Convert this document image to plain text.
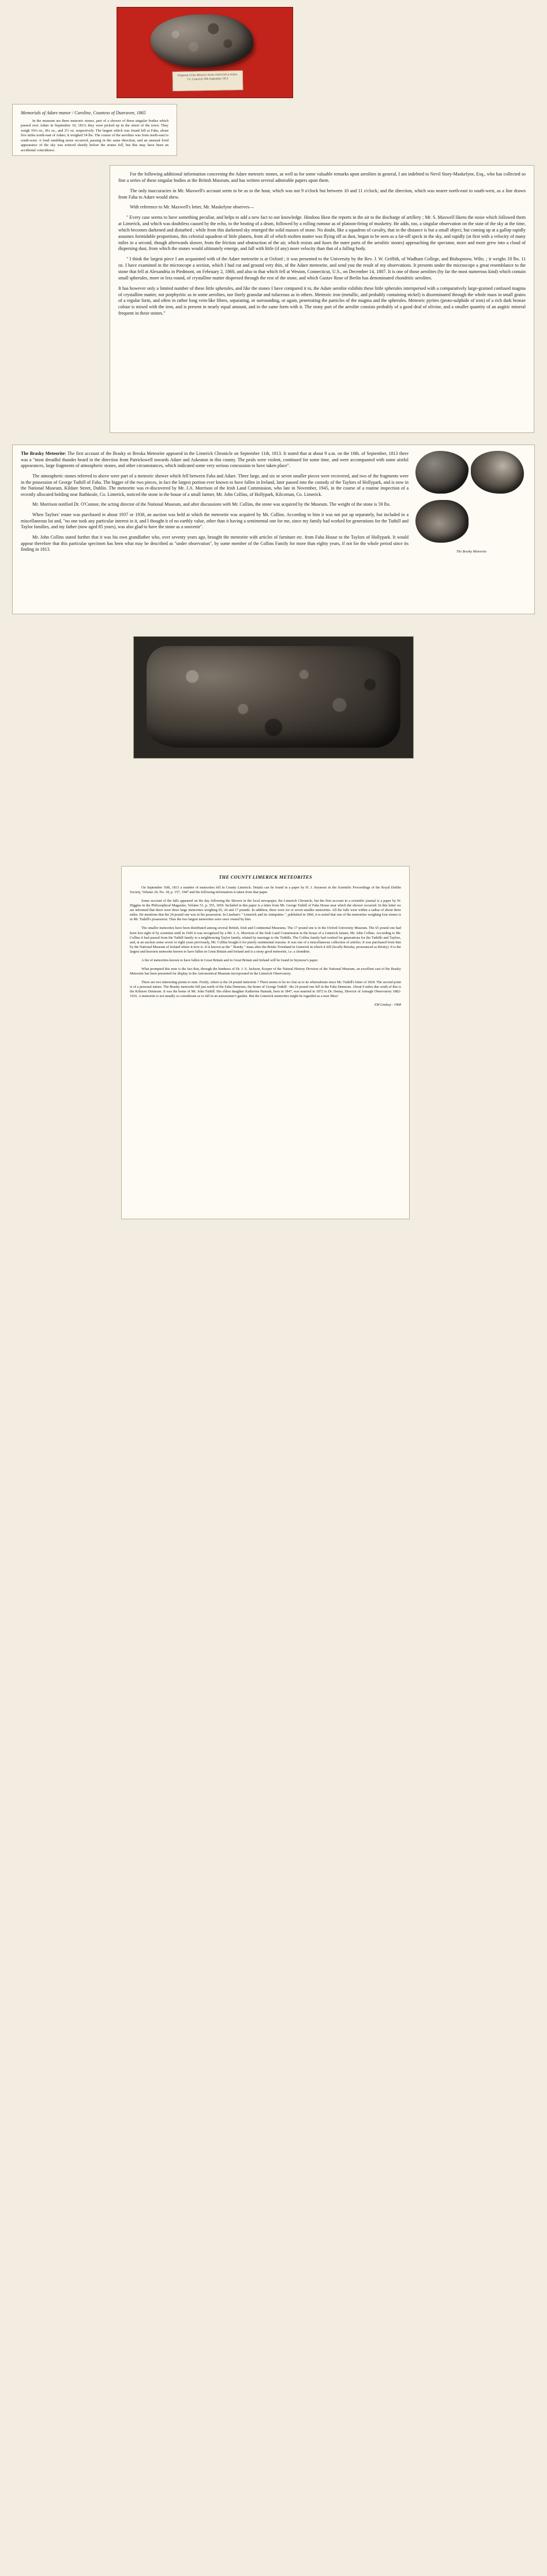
Fragment of the Meteoric Stone which fell at Adare, Co. Limerick 10th September 1813
Memorials of Adare manor / Caroline, Countess of Dunraven, 1865

In the museum are three meteoric stones, part of a shower of these singular bodies which passed over Adare in September 10, 1813; they were picked up in the street of the town. They weigh 10¼ oz., 8¼ oz., and 2½ oz. respectively. The largest which was found fell at Faha, about five miles north-east of Adare; it weighed 54 lbs. The course of the aerolites was from north-east to south-west. A loud rumbling noise occurred, passing in the same direction, and an unusual livid appearance of the sky was noticed shortly before the stones fell, but this may have been an accidental coincidence.

For the following additional information concerning the Adare meteoric stones, as well as for some valuable remarks upon aerolites in general, I am indebted to Nevil Story-Maskelyne, Esq., who has collected so fine a series of these singular bodies at the British Museum, and has written several admirable papers upon them.

The only inaccuracies in Mr. Maxwell's account seem to be as to the hour, which was not 9 o'clock but between 10 and 11 o'clock; and the direction, which was nearer north-east to south-west, as a line drawn from Faha to Adare would shew.

With reference to Mr. Maxwell's letter, Mr. Maskelyne observes—

" Every case seems to have something peculiar, and helps to add a new fact to our knowledge. Hindoos liken the reports in the air to the discharge of artillery ; Mr. S. Maxwell likens the noise which followed them at Limerick, and which was doubtless caused by the echo, to the beating of a drum, followed by a rolling rumour as of platoon-firing of musketry. He adds, too, a singular observation on the state of the sky at the time, which becomes darkened and disturbed ; while from this darkened sky emerged the solid masses of stone. No doubt, like a squadron of cavalry, that in the distance is but a small object, but coming up at a gallop rapidly assumes formidable proportions, this celestial squadron of little planets, from all of which molten matter was flying off as dust, began to be seen as a far-off speck in the sky, and rapidly (at first with a velocity of many miles in a second, though afterwards slower, from the friction and obstruction of the air, which resists and fuses the outer parts of the aerolitic stones) approaching the spectator, more and more grew into a cloud of dispersing dust, from which the stones would ultimately emerge, and fall with little (if any) more velocity than that of a falling body.

" I think the largest piece I am acquainted with of the Adare meteorite is at Oxford ; it was presented to the University by the Rev. J. W. Griffith, of Wadham College, and Bishopstow, Wilts. ; it weighs 18 lbs. 11 oz. I have examined in the microscope a section, which I had cut and ground very thin, of the Adare meteorite, and send you the result of my observations. It presents under the microscope a great resemblance to the stone that fell at Alexandria in Piedmont, on February 2, 1860, and also to that which fell at Weston, Connecticut, U.S., on December 14, 1807. It is one of those aerolites (by far the most numerous kind) which contain small spherules, more or less round, of crystalline matter dispersed through the rest of the stone, and which Gustav Rose of Berlin has denominated chondritic aerolites.

It has however only a limited number of these little spherules, and like the stones I have compared it to, the Adare aerolite exhibits these little spherules interspersed with a comparatively large-grained confused magma of crystalline matter, not porphyritic as in some aerolites, nor finely granular and tufaceous as in others. Meteoric iron (metallic, and probably containing nickel) is disseminated through the whole mass in small grains of a regular form, and often in rather long vein-like fibres, separating, or surrounding, or again, penetrating the particles of the magma and the spherules. Meteoric pyrites (proto-sulphide of iron) of a rich dark bronze colour is mixed with the iron, and is present in nearly equal amount, and in the same form with it. The stony part of the aerolite consists probably of a good deal of olivine, and a smaller quantity of an augitic mineral frequent in these stones."

The Brasky Meteorite: The first account of the Brasky or Breska Meteorite appeared in the Limerick Chronicle on September 11th, 1813. It stated that at about 9 a.m. on the 10th. of September, 1813 there was a "most dreadful thunder heard in the direction from Patrickswell towards Adare and Askeaton in this county. The peals were violent, continued for some time, and were accompanied with some aistful appearances, large fragments of atmospheric stones, and other circumstances, which indicated some very serious concussion to have taken place".

The atmospheric stones referred to above were part of a meteoric shower which fell between Faha and Adare. Three large, and six or seven smaller pieces were recovered, and two of the fragments were in the possession of George Tuthill of Faha. The bigger of the two pieces, in fact the largest portion ever known to have fallen in Ireland, later passed into the custody of the Taylors of Hollypark, and is now in the National Museum, Kildare Street, Dublin. The meteorite was re-discovered by Mr. J.A. Morrison of the Irish Land Commission, who late in November, 1945, in the course of a routine inspection of a recently allocated holding near Rathkeale, Co. Limerick, noticed the stone in the house of a small farmer, Mr. John Collins, of Hollypark, Kilcornan, Co. Limerick.

Mr. Morrison notified Dr. O'Connor, the acting director of the National Museum, and after discussions with Mr. Collins, the stone was acquired by the Museum. The weight of the stone is 59 lbs.

When Taylors' estate was purchased in about 1937 or 1938, an auction was held at which the meteorite was acquired by Mr. Collins. According to him it was not put up separately, but included in a miscellaneous lot and, "no one took any particular interest in it, and I thought it of no earthly value, other than it having a sentimental one for me, since my family had worked for generations for the Tuthill and Taylor families, and my father (now aged 85 years), was also glad to have the stone as a souvenir".

Mr. John Collins stated further that it was his own grandfather who, over seventy years ago, brought the meteorite with articles of furniture etc. from Faha House to the Taylors of Hollypark. It would appear therefore that this particular specimen has been what may be described as "under observation", by some member of the Collins Family for more than eighty years, if not for the whole period since its finding in 1813.

	The Brasky Meteorite
THE COUNTY LIMERICK METEORITES

On September 10th, 1813 a number of meteorites fell in County Limerick. Details can be found in a paper by H. J. Seymour in the Scientific Proceedings of the Royal Dublin Society, Volume 24, No. 18, p. 157, 1947 and the following information is taken from that paper.

Some account of the falls appeared on the day following the Shower in the local newspaper, the Limerick Chronicle, but the first account in a scientific journal is a paper by W. Higgins in the Philosophical Magazine, Volume 51, p. 355, 1818. Included in this paper is a letter from Mr. George Tuthill of Faha House near which the shower occurred. In this letter we are informed that there were three large meteorites weighing 65, 24 and 17 pounds. In addition, there were six or seven smaller meteorites. All the falls were within a radius of about three miles. He mentions that the 24 pound one was in his possession. In Linehan's " Limerick and its Antiquities ", published in 1866, it is noted that one of the meteorites weighing four stones is in Mr. Tuthill's possession. Thus the two largest meteorites were once owned by him.

The smaller meteorites have been distributed among several British, Irish and Continental Museums. The 17 pound one is in the Oxford University Museum. The 65 pound one had been lost sight of by scientists until in 1945 it was recognized by a Mr. J. A. Morrison of the Irish Land Commission in the house of a Limerick farmer, Mr. John Collins. According to Mr. Collins it had passed from the Tuthill family to a neighbouring Taylor family, related by marriage to the Tuthills. The Collins family had worked for generations for the Tuthills and Taylors, and, at an auction some seven or eight years previously, Mr. Collins bought it for purely sentimental reasons. It was one of a miscellaneous collection of articles. It was purchased from him by the National Museum of Ireland where it now is. It is known as the " Brasky " mass after the Brisks Townland in Limerick in which it fell (locally Brisska, pronounced as Brisky). It is the largest and heaviest meteorite known to have fallen in Great Britain and Ireland and is a stony good meteorite, i.e. a chondrite.

A list of meteorites known to have fallen in Great Britain and in Great Britain and Ireland will be found in Seymour's paper.

What prompted this note is the fact that, through the kindness of Dr. J. S. Jackson, Keeper of the Natural History Division of the National Museum, an excellent cast of the Brasky Meteorite has been presented for display in the Astronomical Museum incorporated in the Limerick Observatory.

There are two interesting points to note. Firstly, where is the 24 pound meteorite ? There seems to be no clue as to its whereabouts since Mr. Tuthill's letter of 1818. The second point is of a personal nature. The Brasky meteorite fell just north of the Faha Demesne, the home of George Tuthill : the 24 pound one fell in the Faha Demesne. About 9 miles due south of this is the Kilmore Demesne. It was the home of Mr. John Tuthill. His eldest daughter Katherine Hannah, born in 1847, was married in 1872 to Dr. Denny, Director of Armagh Observatory 1882-1916. A meteorite is not usually so considerate as to fall in an astronomer's garden. But the Limerick meteorites might be regarded as a near Miss!

EM Lindsay - 1968
